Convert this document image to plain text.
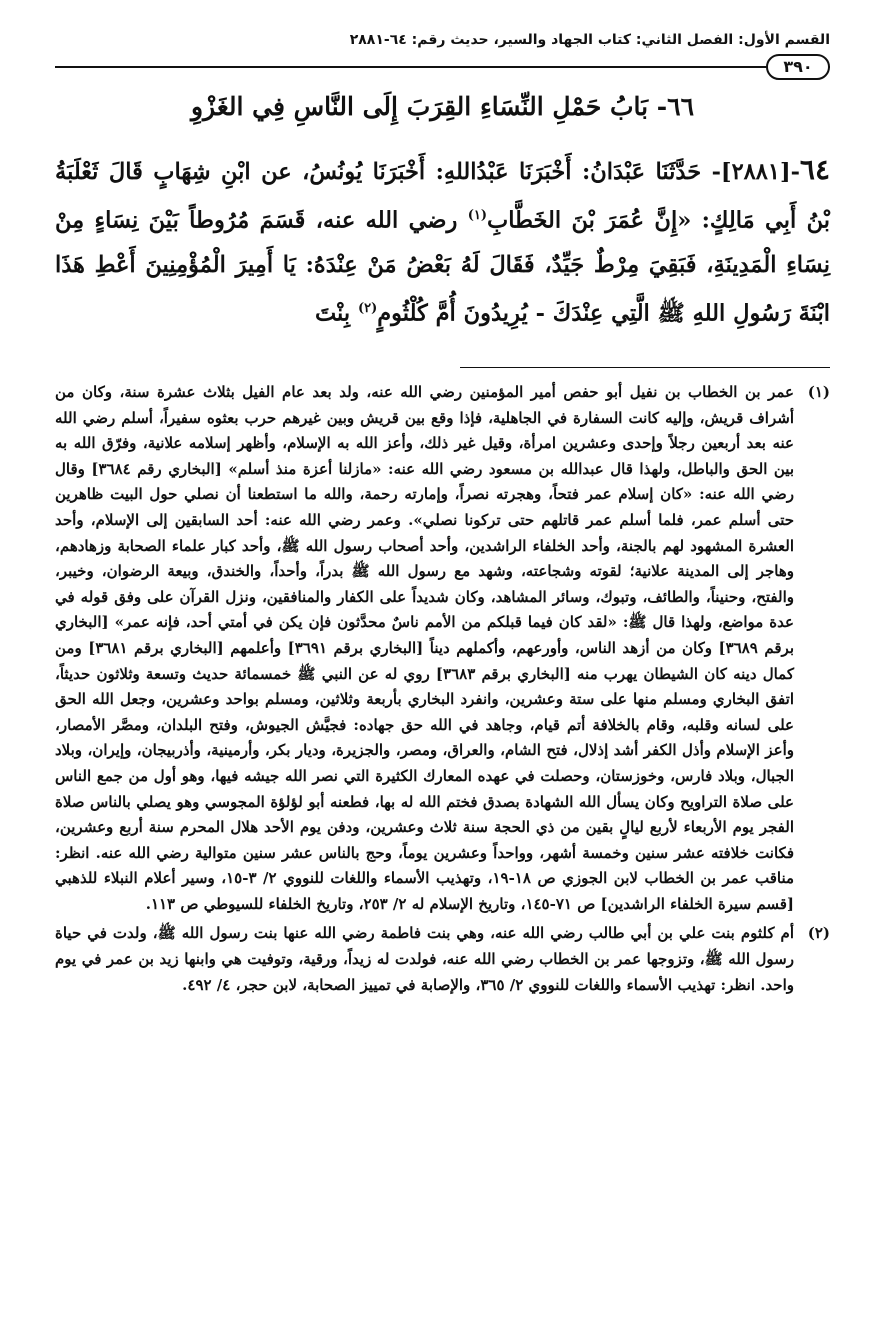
القسم الأول: الفصل الثاني: كتاب الجهاد والسير، حديث رقم: ٦٤-٢٨٨١
٣٩٠
٦٦- بَابُ حَمْلِ النِّسَاءِ القِرَبَ إِلَى النَّاسِ فِي الغَزْوِ

٦٤-[٢٨٨١]- حَدَّثَنَا عَبْدَانُ: أَخْبَرَنَا عَبْدُاللهِ: أَخْبَرَنَا يُونُسُ، عن ابْنِ شِهَابٍ قَالَ ثَعْلَبَةُ بْنُ أَبِي مَالِكٍ: «إِنَّ عُمَرَ بْنَ الخَطَّابِ$^{(١)}$ رضي الله عنه، قَسَمَ مُرُوطاً بَيْنَ نِسَاءٍ مِنْ نِسَاءِ الْمَدِينَةِ، فَبَقِيَ مِرْطٌ جَيِّدٌ، فَقَالَ لَهُ بَعْضُ مَنْ عِنْدَهُ: يَا أَمِيرَ الْمُؤْمِنِينَ أَعْطِ هَذَا ابْنَةَ رَسُولِ اللهِ ﷺ الَّتِي عِنْدَكَ - يُرِيدُونَ أُمَّ كُلْثُومٍ$^{(٢)}$ بِنْتَ

(١)

عمر بن الخطاب بن نفيل أبو حفص أمير المؤمنين رضي الله عنه، ولد بعد عام الفيل بثلاث عشرة سنة، وكان من أشراف قريش، وإليه كانت السفارة في الجاهلية، فإذا وقع بين قريش وبين غيرهم حرب بعثوه سفيراً، أسلم رضي الله عنه بعد أربعين رجلاً وإحدى وعشرين امرأة، وقيل غير ذلك، وأعز الله به الإسلام، وأظهر إسلامه علانية، وفرّق الله به بين الحق والباطل، ولهذا قال عبدالله بن مسعود رضي الله عنه: «مازلنا أعزة منذ أسلم» [البخاري رقم ٣٦٨٤] وقال رضي الله عنه: «كان إسلام عمر فتحاً، وهجرته نصراً، وإمارته رحمة، والله ما استطعنا أن نصلي حول البيت ظاهرين حتى أسلم عمر، فلما أسلم عمر قاتلهم حتى تركونا نصلي». وعمر رضي الله عنه: أحد السابقين إلى الإسلام، وأحد العشرة المشهود لهم بالجنة، وأحد الخلفاء الراشدين، وأحد أصحاب رسول الله ﷺ، وأحد كبار علماء الصحابة وزهادهم، وهاجر إلى المدينة علانية؛ لقوته وشجاعته، وشهد مع رسول الله ﷺ بدراً، وأحداً، والخندق، وبيعة الرضوان، وخيبر، والفتح، وحنيناً، والطائف، وتبوك، وسائر المشاهد، وكان شديداً على الكفار والمنافقين، ونزل القرآن على وفق قوله في عدة مواضع، ولهذا قال ﷺ: «لقد كان فيما قبلكم من الأمم ناسٌ محدَّثون فإن يكن في أمتي أحد، فإنه عمر» [البخاري برقم ٣٦٨٩] وكان من أزهد الناس، وأورعهم، وأكملهم ديناً [البخاري برقم ٣٦٩١] وأعلمهم [البخاري برقم ٣٦٨١] ومن كمال دينه كان الشيطان يهرب منه [البخاري برقم ٣٦٨٣] روي له عن النبي ﷺ خمسمائة حديث وتسعة وثلاثون حديثاً، اتفق البخاري ومسلم منها على ستة وعشرين، وانفرد البخاري بأربعة وثلاثين، ومسلم بواحد وعشرين، وجعل الله الحق على لسانه وقلبه، وقام بالخلافة أتم قيام، وجاهد في الله حق جهاده: فجيَّش الجيوش، وفتح البلدان، ومصَّر الأمصار، وأعز الإسلام وأذل الكفر أشد إذلال، فتح الشام، والعراق، ومصر، والجزيرة، وديار بكر، وأرمينية، وأذربيجان، وإيران، وبلاد الجبال، وبلاد فارس، وخوزستان، وحصلت في عهده المعارك الكثيرة التي نصر الله جيشه فيها، وهو أول من جمع الناس على صلاة التراويح وكان يسأل الله الشهادة بصدق فختم الله له بها، فطعنه أبو لؤلؤة المجوسي وهو يصلي بالناس صلاة الفجر يوم الأربعاء لأربع ليالٍ بقين من ذي الحجة سنة ثلاث وعشرين، ودفن يوم الأحد هلال المحرم سنة أربع وعشرين، فكانت خلافته عشر سنين وخمسة أشهر، وواحداً وعشرين يوماً، وحج بالناس عشر سنين متوالية رضي الله عنه. انظر: مناقب عمر بن الخطاب لابن الجوزي ص ١٨-١٩، وتهذيب الأسماء واللغات للنووي ٢/ ٣-١٥، وسير أعلام النبلاء للذهبي [قسم سيرة الخلفاء الراشدين] ص ٧١-١٤٥، وتاريخ الإسلام له ٢/ ٢٥٣، وتاريخ الخلفاء للسيوطي ص ١١٣.

(٢)

أم كلثوم بنت علي بن أبي طالب رضي الله عنه، وهي بنت فاطمة رضي الله عنها بنت رسول الله ﷺ، ولدت في حياة رسول الله ﷺ، وتزوجها عمر بن الخطاب رضي الله عنه، فولدت له زيداً، ورقية، وتوفيت هي وابنها زيد بن عمر في يوم واحد. انظر: تهذيب الأسماء واللغات للنووي ٢/ ٣٦٥، والإصابة في تمييز الصحابة، لابن حجر، ٤/ ٤٩٢.
